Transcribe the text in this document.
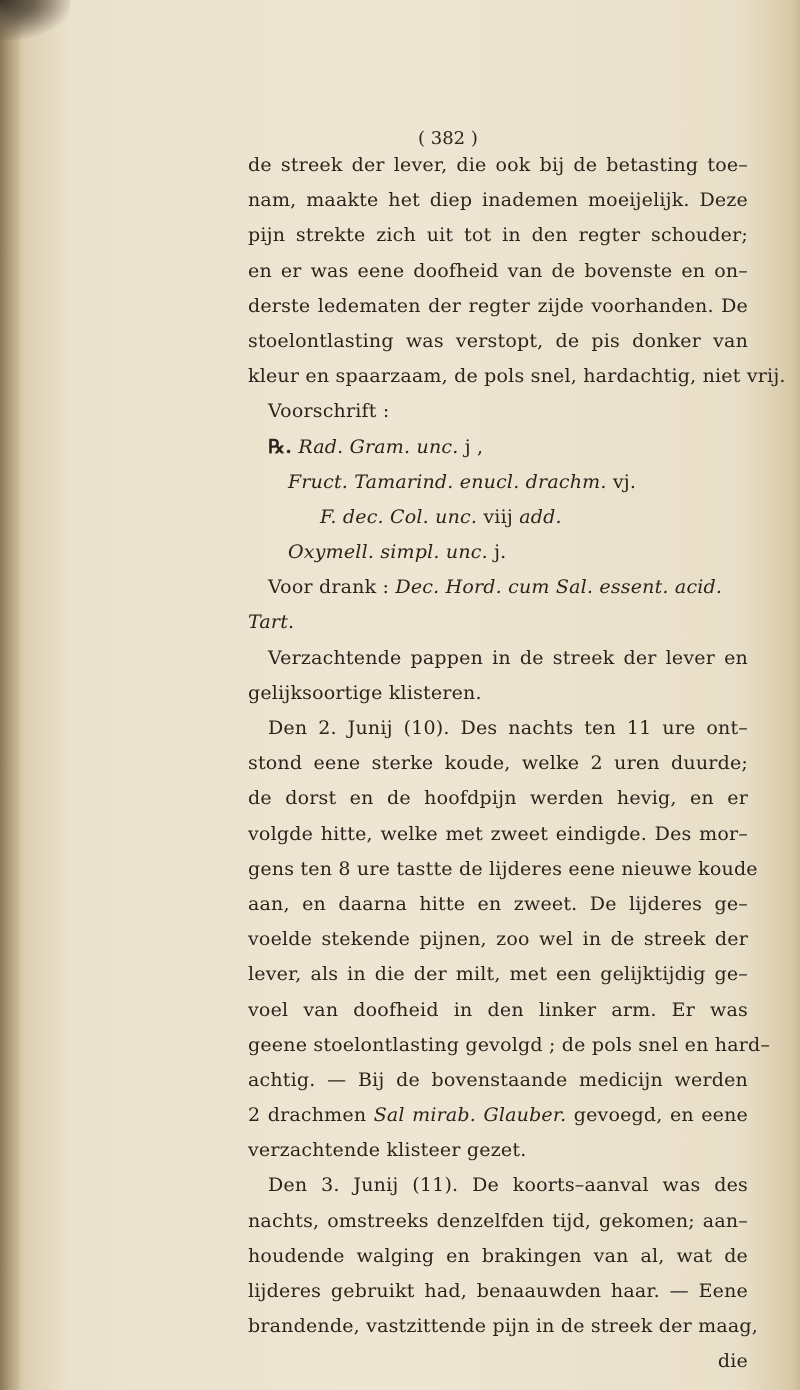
( 382 )
de streek der lever, die ook bij de betasting toe–
nam, maakte het diep inademen moeijelijk. Deze
pijn strekte zich uit tot in den regter schouder;
en er was eene doofheid van de bovenste en on–
derste ledematen der regter zijde voorhanden. De
stoelontlasting was verstopt, de pis donker van
kleur en spaarzaam, de pols snel, hardachtig, niet vrij.
Voorschrift :
℞. Rad. Gram. unc. j ,
Fruct. Tamarind. enucl. drachm. vj.
F. dec. Col. unc. viij add.
Oxymell. simpl. unc. j.
Voor drank : Dec. Hord. cum Sal. essent. acid.
Tart.
Verzachtende pappen in de streek der lever en
gelijksoortige klisteren.
Den 2. Junij (10). Des nachts ten 11 ure ont–
stond eene sterke koude, welke 2 uren duurde;
de dorst en de hoofdpijn werden hevig, en er
volgde hitte, welke met zweet eindigde. Des mor–
gens ten 8 ure tastte de lijderes eene nieuwe koude
aan, en daarna hitte en zweet. De lijderes ge–
voelde stekende pijnen, zoo wel in de streek der
lever, als in die der milt, met een gelijktijdig ge–
voel van doofheid in den linker arm. Er was
geene stoelontlasting gevolgd ; de pols snel en hard–
achtig. — Bij de bovenstaande medicijn werden
2 drachmen Sal mirab. Glauber. gevoegd, en eene
verzachtende klisteer gezet.
Den 3. Junij (11). De koorts–aanval was des
nachts, omstreeks denzelfden tijd, gekomen; aan–
houdende walging en brakingen van al, wat de
lijderes gebruikt had, benaauwden haar. — Eene
brandende, vastzittende pijn in de streek der maag,
die
